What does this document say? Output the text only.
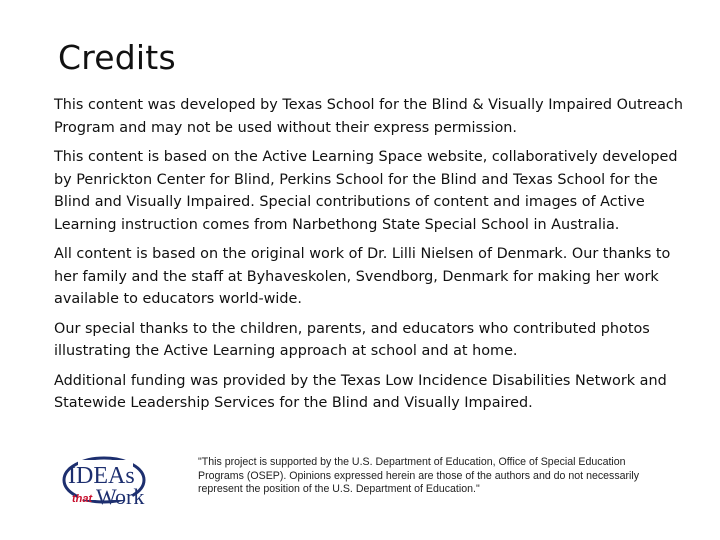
Credits

This content was developed by Texas School for the Blind & Visually Impaired Outreach Program and may not be used without their express permission.

This content is based on the Active Learning Space website, collaboratively developed by Penrickton Center for Blind, Perkins School for the Blind and Texas School for the Blind and Visually Impaired. Special contributions of content and images of Active Learning instruction comes from Narbethong State Special School in Australia.

All content is based on the original work of Dr. Lilli Nielsen of Denmark. Our thanks to her family and the staff at Byhaveskolen, Svendborg, Denmark for making her work available to educators world-wide.

Our special thanks to the children, parents, and educators who contributed photos illustrating the Active Learning approach at school and at home.

Additional funding was provided by the Texas Low Incidence Disabilities Network and Statewide Leadership Services for the Blind and Visually Impaired.

IDEAs
that Work
"This project is supported by the U.S. Department of Education, Office of Special Education Programs (OSEP). Opinions expressed herein are those of the authors and do not necessarily represent the position of the U.S. Department of Education."
